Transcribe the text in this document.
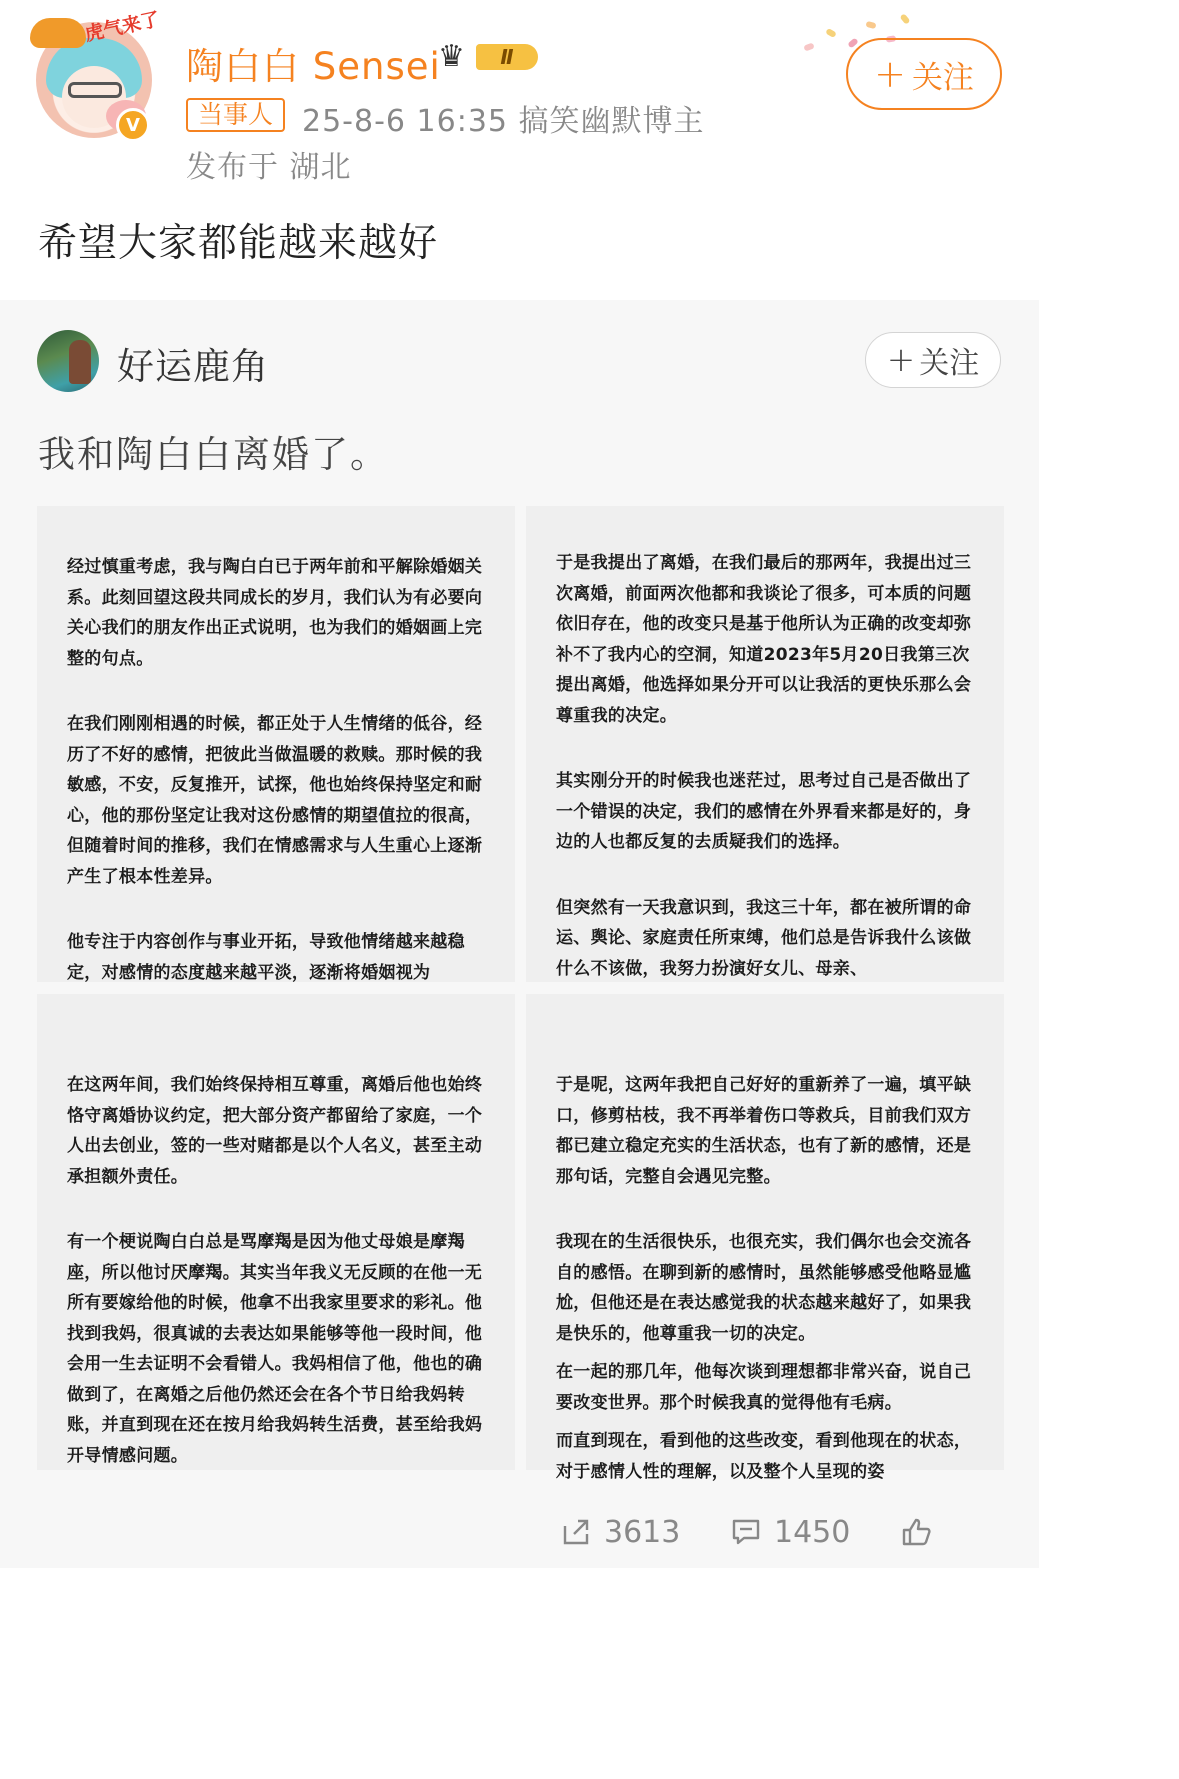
虎气来了
V
陶白白 Sensei
♛	Ⅱ
当事人 25-8-6 16:35 搞笑幽默博主
发布于 湖北
+ 关注
希望大家都能越来越好
好运鹿角	+ 关注
我和陶白白离婚了。

经过慎重考虑，我与陶白白已于两年前和平解除婚姻关系。此刻回望这段共同成长的岁月，我们认为有必要向关心我们的朋友作出正式说明，也为我们的婚姻画上完整的句点。

在我们刚刚相遇的时候，都正处于人生情绪的低谷，经历了不好的感情，把彼此当做温暖的救赎。那时候的我敏感，不安，反复推开，试探，他也始终保持坚定和耐心，他的那份坚定让我对这份感情的期望值拉的很高，但随着时间的推移，我们在情感需求与人生重心上逐渐产生了根本性差异。

他专注于内容创作与事业开拓，导致他情绪越来越稳定，对感情的态度越来越平淡，逐渐将婚姻视为

于是我提出了离婚，在我们最后的那两年，我提出过三次离婚，前面两次他都和我谈论了很多，可本质的问题依旧存在，他的改变只是基于他所认为正确的改变却弥补不了我内心的空洞，知道2023年5月20日我第三次提出离婚，他选择如果分开可以让我活的更快乐那么会尊重我的决定。

其实刚分开的时候我也迷茫过，思考过自己是否做出了一个错误的决定，我们的感情在外界看来都是好的，身边的人也都反复的去质疑我们的选择。

但突然有一天我意识到，我这三十年，都在被所谓的命运、舆论、家庭责任所束缚，他们总是告诉我什么该做什么不该做，我努力扮演好女儿、母亲、

在这两年间，我们始终保持相互尊重，离婚后他也始终恪守离婚协议约定，把大部分资产都留给了家庭，一个人出去创业，签的一些对赌都是以个人名义，甚至主动承担额外责任。

有一个梗说陶白白总是骂摩羯是因为他丈母娘是摩羯座，所以他讨厌摩羯。其实当年我义无反顾的在他一无所有要嫁给他的时候，他拿不出我家里要求的彩礼。他找到我妈，很真诚的去表达如果能够等他一段时间，他会用一生去证明不会看错人。我妈相信了他，他也的确做到了，在离婚之后他仍然还会在各个节日给我妈转账，并直到现在还在按月给我妈转生活费，甚至给我妈开导情感问题。

于是呢，这两年我把自己好好的重新养了一遍，填平缺口，修剪枯枝，我不再举着伤口等救兵，目前我们双方都已建立稳定充实的生活状态，也有了新的感情，还是那句话，完整自会遇见完整。

我现在的生活很快乐，也很充实，我们偶尔也会交流各自的感悟。在聊到新的感情时，虽然能够感受他略显尴尬，但他还是在表达感觉我的状态越来越好了，如果我是快乐的，他尊重我一切的决定。

在一起的那几年，他每次谈到理想都非常兴奋，说自己要改变世界。那个时候我真的觉得他有毛病。

而直到现在，看到他的这些改变，看到他现在的状态，对于感情人性的理解，以及整个人呈现的姿

3613	1450
